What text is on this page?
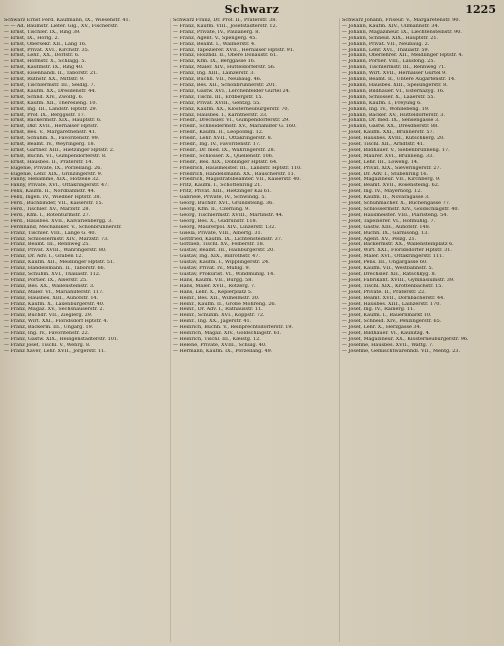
Schwarz	1225
Schwarz Ernst Ferd. Kaufmann, IX., Wiesenstr. 41.
— — Ad. Baumstr. Liefer. Glg., XV., Fischerstr.
— Ernst, Tischler. IX., Ring 39.
— Ernst, IX., Hörlg. 2.
— Ernst, Obersekr. XII., Lang 16.
— Ernst, Privat. XVI., Kirchstr. 35.
— Ernst, Lehr., XX., Dorfstr. 6.
— Ernst, Hofmstr. X., Schlagg. 5.
— Ernst, Kaufmstr. IX., Ring 40.
— Ernst, Eisenhändl. II., Taborstr. 21.
— Ernst, Ruthstr. XX., Mittstr. 9.
— Ernst, Tischlermstr. III., Seidlg. 7.
— Ernst, Kaufm. XX., Dresdenstr. 44.
— Ernst, Schnd. XIV., Zwölfg. 6.
— Ernst, Kaufm. XII., Theresieng. 10.
— Ernst, Ing. III., Landstr. Hptstr. 29.
— Ernst, Prof. IX., Berggsstr. 17.
— Ernst, Bäckermstr. XIX., Hauptstr. 6.
— Ernst, Dkr. XVII., Hernalser Hptstr.
— Ernst, Bes. V., Margarethenstr. 41.
— Ernst, Schuhm. X., Favoritenstr. 99.
— Ernst, Beamt. IV., Weyringerg. 18.
— Ernst, Gärtner. XIII., Hietzinger Hptstr. 2.
— Ernst, Buchh. VI., Gumpendorferstr. 8.
— Ernst, Hausbes. II., Praterstr. 14.
— Eugenie, Private, IX., Porzellang. 26.
— Eugenie, Lehr. XIX., Grinzingerstr. 9.
— Fanny, Hebamme, XIX., Hofzeile 32.
— Fanny, Private, XVI., Ottakringerstr. 47.
— Felix, Kaufm. II., Nordbahnstr. 44.
— Felix, Ingen. IV., Wiedner Hptstr. 38.
— Ferd., Buchbinder, VII., Kaiserstr. 15.
— Ferd., Tischler. XV., Märzstr. 28.
— Ferd., Kfm. I., Rotenturmstr. 27.
— Ferd., Hausbes. XVII., Kalvarienbergg. 3.
— Ferdinand, Mechaniker. V., Schönbrunnerstr.
— Franz, Tischler. VIII., Lange G. 40.
— Franz, Schlossermstr. XIV., Märzstr. 73.
— Franz, Beamt. III., Rennweg 25.
— Franz, Privat. XVIII., Währingerstr. 80.
— Franz, Dr. Adv. I., Graben 12.
— Franz, Kaufm. XII., Meidlinger Hptstr. 51.
— Franz, Handelsmann. II., Taborstr. 66.
— Franz, Schuhm. XVI., Thaliastr. 112.
— Franz, Portier. IX., Alserstr. 25.
— Franz, Bes. XX., Wallensteinstr. 3.
— Franz, Maler. VI., Mariahilferstr. 117.
— Franz, Hausbes. XIII., Auhofstr. 14.
— Franz, Kaufm. X., Laxenburgerstr. 40.
— Franz, Magaz. XV., Sechshauserstr. 2.
— Franz, Buchdr. VII., Zieglerg. 29.
— Franz, Wirt. XXI., Floridsdorf Hptstr. 4.
— Franz, Bäckerm. III., Ungarg. 19.
— Franz, Ing. IV., Favoritenstr. 22.
— Franz, Gastw. XIX., Heiligenstädterstr. 101.
— Franz Josef, Tischl. V., Wehrg. 8.
— Franz Xaver, Lehr. XVII., Jörgerstr. 11.
Schwarz Franz, Dr. Prof. II., Praterstr. 38.
— Franz, Kaufm. VIII., Josefstädterstr. 12.
— Franz, Private, IV., Paulanerg. 8.
— Franz, Agent. V., Spengerg. 45.
— Franz, Beamt. I., Wallnerstr. 4.
— Franz, Tapezierer. XVII., Hernalser Hptstr. 91.
— Franz, Holzhdl. II., Obere Donaustr. 61.
— Franz, Kfm. IX., Berggasse 16.
— Franz, Maler. XIV., Hütteldorferstr. 56.
— Franz, Ing. XIII., Lainzerstr. 3.
— Franz, Buchh. VII., Neubaug. 46.
— Franz, Bes. XII., Schönbrunnerstr. 201.
— Franz, Gastw. XVI., Lerchenfelder Gürtel 24.
— Franz, Tischl. III., Erdbergstr. 15.
— Franz, Privat. XVIII., Gentzg. 55.
— Franz, Kaufm. XX., Klosterneuburgerstr. 70.
— Franz, Hausbes. I., Kärntnerstr. 33.
— Friedr., Drechsler. VI., Gumpendorferstr. 29.
— Friedr., Schneidermstr. XV., Mariahilfer G. 160.
— Friedr., Kaufm. II., Leopoldsg. 12.
— Friedr., Lehr. XVII., Ottakringerstr. 8.
— Friedr., Ing. IV., Favoritenstr. 17.
— Friedr., Dr. med. IX., Währingerstr. 28.
— Friedr., Schlosser. X., Quellenstr. 106.
— Friedr., Bes. XIX., Döblinger Hptstr. 64.
— Friedrich, Hausmeister. III., Landstr. Hptstr. 110.
— Friedrich, Handelsmann. XX., Rauscherstr. 11.
— Friedrich, Magistratsbeamter. VII., Kaiserstr. 40.
— Fritz, Kaufm. I., Schottenring 21.
— Fritz, Privat. XIII., Hietzinger Kai 61.
— Gabriele, Private, IV., Schwindg. 5.
— Georg, Buchdr. XVI., Grundsteing. 36.
— Georg, Kfm. II., Czerning. 9.
— Georg, Tischlermstr. XVIII., Martinstr. 44.
— Georg, Bes. X., Gudrunstr. 118.
— Georg, Maurerpol. XIV., Linzerstr. 132.
— Gisela, Private, VIII., Albertg. 31.
— Gottfried, Kaufm. IX., Lichtensteinstr. 37.
— Gottlieb, Tischl. XV., Felberstr. 18.
— Gustav, Beamt. III., Hainburgerstr. 20.
— Gustav, Ing. XIX., Billrothstr. 47.
— Gustav, Kaufm. I., Wipplingerstr. 24.
— Gustav, Privat. IV., Mühlg. 9.
— Gustav, Prokurist. VI., Windmühlg. 14.
— Hans, Kaufm. VII., Burgg. 58.
— Hans, Maler. XVII., Rötzerg. 7.
— Hans, Lehr. X., Keplerplatz 5.
— Heinr., Bes. XII., Wilhelmstr. 30.
— Heinr., Kaufm. II., Große Mohreng. 26.
— Heinr., Dr. Adv. I., Rathausstr. 11.
— Heinr., Schuhm. XVI., Koppstr. 72.
— Heinr., Ing. XX., Jägerstr. 41.
— Heinrich, Buchh. V., Reinprechtsdorferstr. 19.
— Heinrich, Magaz. XIV., Goldschlagstr. 61.
— Heinrich, Tischl. III., Kleistg. 12.
— Helene, Private, XVIII., Schulg. 40.
— Hermann, Kaufm. IX., Porzellang. 49.
Schwarz Johann, Friseur. V., Margaretenstr. 90.
— Johann, Kaufm. XIV., Ullmannstr. 34.
— Johann, Magazineur. IX., Liechtensteinstr. 90.
— Johann, Schneid. XIX., Hauptstr. 21.
— Johann, Privat. VII., Neubaug. 2.
— Johann, Lehr. XVI., Thaliastr. 59.
— Johann, Oberlehrer. XII., Meidlinger Hptstr. 4.
— Johann, Portier. VIII., Laudong. 25.
— Johann, Tischlermstr. III., Rennweg 71.
— Johann, Wirt. XVII., Hernalser Gürtel 9.
— Johann, Beamt. II., Untere Augartenstr. 14.
— Johann, Hausbes. XIII., Speisingerstr. 8.
— Johann, Bildhauer. VI., Esterhazyg. 16.
— Johann, Schlosser. X., Laaerstr. 55.
— Johann, Kaufm. I., Freyung 6.
— Johann, Ing. IV., Wohllebeng. 19.
— Johann, Bäcker. XV., Hütteldorferstr. 3.
— Johann, Dr. med. IX., Sensengasse 3.
— Johann, Gastw. XX., Dresdnerstr. 88.
— Josef, Kaufm. XXI., Brünnerstr. 57.
— Josef, Hausbes. XVIII., Kutschkerg. 20.
— Josef, Tischl. XII., Arndtstr. 41.
— Josef, Bildhauer. V., Siebenbrunneng. 17.
— Josef, Maurer. XVI., Brunneng. 33.
— Josef, Lehr. III., Löweng. 14.
— Josef, Privat. XIX., Sieveringerstr. 27.
— Josef, Dr. Adv. I., Stubenring 16.
— Josef, Magazineur. VII., Kirchberg. 9.
— Josef, Beamt. XVII., Rosensteing. 62.
— Josef, Ing. IV., Mayerhofg. 12.
— Josef, Kaufm. II., Novaragasse 3.
— Josef, Schuhmacher. X., Buchengasse 77.
— Josef, Schlossermstr. XIV., Goldschlagstr. 40.
— Josef, Hausmeister. VIII., Piaristeng. 54.
— Josef, Tapezierer. VI., Hofmühlg. 7.
— Josef, Gastw. XIII., Auhofstr. 148.
— Josef, Buchh. IX., Garnisong. 13.
— Josef, Agent. XV., Pelzg. 21.
— Josef, Bäckermstr. XX., Wallensteinplatz 6.
— Josef, Wirt. XXI., Floridsdorfer Hptstr. 31.
— Josef, Maler. XVI., Ottakringerstr. 111.
— Josef, Pens. III., Ungargasse 60.
— Josef, Kaufm. VII., Westbahnstr. 5.
— Josef, Drechsler. XII., Ratschkyg. 8.
— Josef, Fabrikant. XVIII., Gymnasiumstr. 39.
— Josef, Tischl. XIX., Krottenbachstr. 15.
— Josef, Private. II., Praterstr. 22.
— Josef, Beamt. XVII., Dornbacherstr. 44.
— Josef, Hausbes. XIII., Lainzerstr. 170.
— Josef, Ing. IV., Rainerg. 11.
— Josef, Kaufm. I., Bauernmarkt 10.
— Josef, Schneid. XIV., Penzingerstr. 65.
— Josef, Lehr. X., Herzgasse 34.
— Josef, Bildhauer. VI., Kaunitzg. 4.
— Josef, Magazineur. XX., Klosterneuburgerstr. 96.
— Josefine, Hausbes. XVII., Wattg. 7.
— Josefine, Gemischtwarenhdl. VII., Mentg. 23.
